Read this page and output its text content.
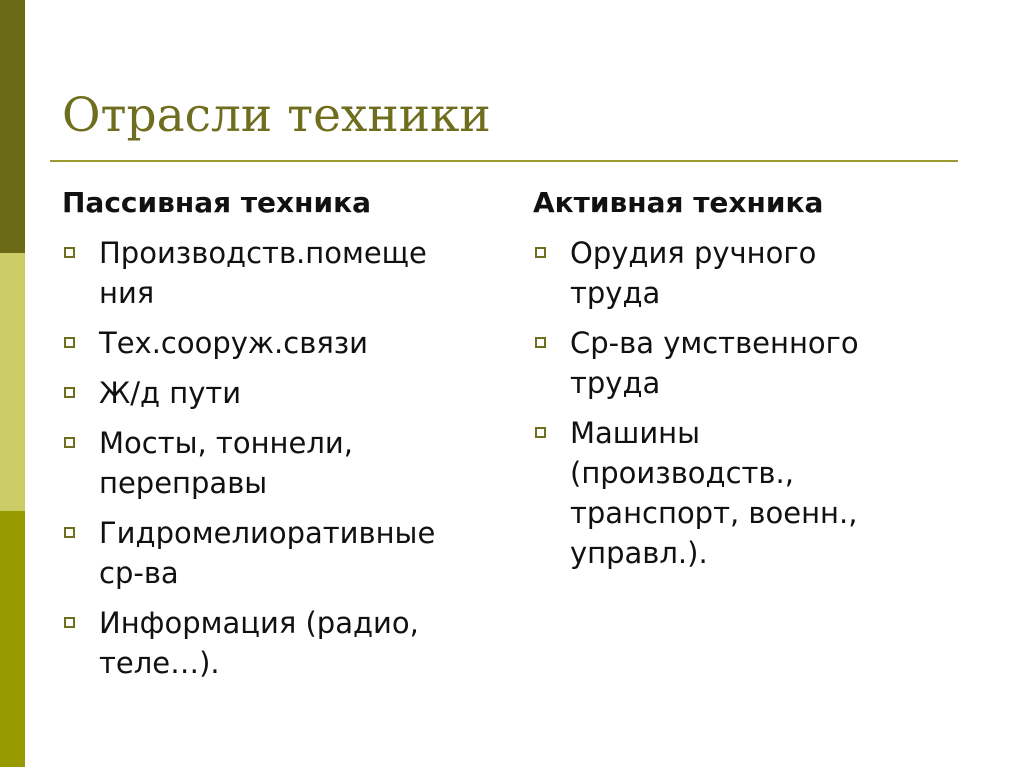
Отрасли техники
Пассивная техника
Производств.помеще
ния
Тех.сооруж.связи
Ж/д пути
Мосты, тоннели,
переправы
Гидромелиоративные
ср-ва
Информация (радио,
теле…).
Активная техника
Орудия ручного
труда
Ср-ва умственного
труда
Машины
(производств.,
транспорт, военн.,
управл.).
